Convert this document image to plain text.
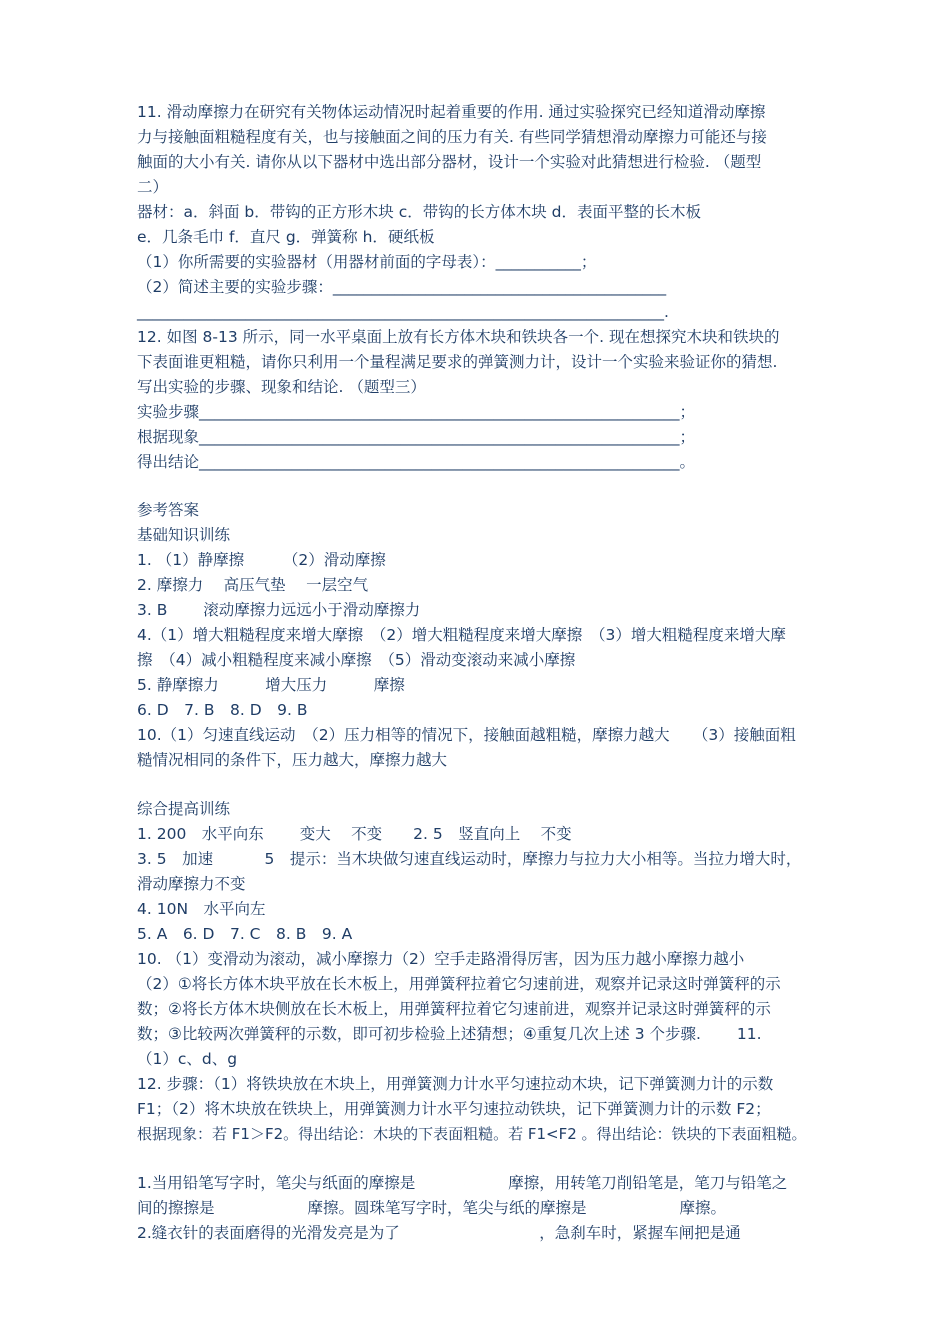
11. 滑动摩擦力在研究有关物体运动情况时起着重要的作用. 通过实验探究已经知道滑动摩擦
力与接触面粗糙程度有关，也与接触面之间的压力有关. 有些同学猜想滑动摩擦力可能还与接
触面的大小有关. 请你从以下器材中选出部分器材，设计一个实验对此猜想进行检验. （题型
二）
器材：a．斜面 b．带钩的正方形木块 c．带钩的长方体木块 d．表面平整的长木板
e．几条毛巾 f．直尺 g．弹簧称 h．硬纸板
（1）你所需要的实验器材（用器材前面的字母表）：___________；
（2）简述主要的实验步骤：___________________________________________
____________________________________________________________________.
12. 如图 8-13 所示，同一水平桌面上放有长方体木块和铁块各一个. 现在想探究木块和铁块的
下表面谁更粗糙，请你只利用一个量程满足要求的弹簧测力计，设计一个实验来验证你的猜想.
写出实验的步骤、现象和结论. （题型三）
实验步骤______________________________________________________________；
根据现象______________________________________________________________；
得出结论______________________________________________________________。
参考答案
基础知识训练
1. （1）静摩擦　　　（2）滑动摩擦
2. 摩擦力　 高压气垫　 一层空气
3. B　　 滚动摩擦力远远小于滑动摩擦力
4.（1）增大粗糙程度来增大摩擦　（2）增大粗糙程度来增大摩擦　（3）增大粗糙程度来增大摩
擦　（4）减小粗糙程度来减小摩擦　（5）滑动变滚动来减小摩擦
5. 静摩擦力　　　增大压力　　　摩擦
6. D　7. B　8. D　9. B
10.（1）匀速直线运动　（2）压力相等的情况下，接触面越粗糙，摩擦力越大　　（3）接触面粗
糙情况相同的条件下，压力越大，摩擦力越大
综合提高训练
1. 200　水平向东　　 变大　 不变　　2. 5　竖直向上　 不变
3. 5　加速　　　 5　提示：当木块做匀速直线运动时，摩擦力与拉力大小相等。当拉力增大时，
滑动摩擦力不变
4. 10N　水平向左
5. A　6. D　7. C　8. B　9. A
10. （1）变滑动为滚动，减小摩擦力（2）空手走路滑得厉害，因为压力越小摩擦力越小
（2）①将长方体木块平放在长木板上，用弹簧秤拉着它匀速前进，观察并记录这时弹簧秤的示
数；②将长方体木块侧放在长木板上，用弹簧秤拉着它匀速前进，观察并记录这时弹簧秤的示
数；③比较两次弹簧秤的示数，即可初步检验上述猜想；④重复几次上述 3 个步骤.　　 11.
（1）c、d、g
12. 步骤：（1）将铁块放在木块上，用弹簧测力计水平匀速拉动木块，记下弹簧测力计的示数
F1；（2）将木块放在铁块上，用弹簧测力计水平匀速拉动铁块，记下弹簧测力计的示数 F2；
根据现象：若 F1＞F2。得出结论：木块的下表面粗糙。若 F1<F2 。得出结论：铁块的下表面粗糙。
1.当用铅笔写字时，笔尖与纸面的摩擦是　　　　　　摩擦，用转笔刀削铅笔是，笔刀与铅笔之
间的擦擦是　　　　　　摩擦。圆珠笔写字时，笔尖与纸的摩擦是　　　　　　摩擦。
2.缝衣针的表面磨得的光滑发亮是为了　　　　　　　　　，急刹车时，紧握车闸把是通
